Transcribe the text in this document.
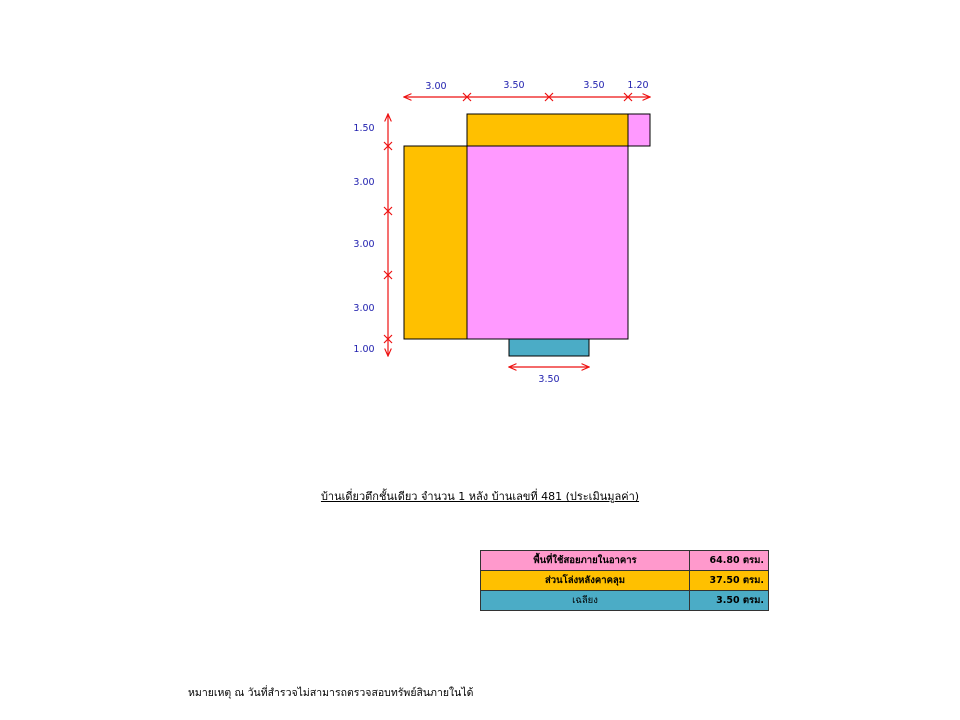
3.00	3.50	3.50 1.20
1.50
3.00
3.00
3.00
1.00
3.50
บ้านเดี่ยวตึกชั้นเดียว จำนวน 1 หลัง บ้านเลขที่ 481 (ประเมินมูลค่า)
พื้นที่ใช้สอยภายในอาคาร	64.80 ตรม.
ส่วนโล่งหลังคาคลุม	37.50 ตรม.
เฉลียง	3.50 ตรม.
หมายเหตุ ณ วันที่สำรวจไม่สามารถตรวจสอบทรัพย์สินภายในได้
